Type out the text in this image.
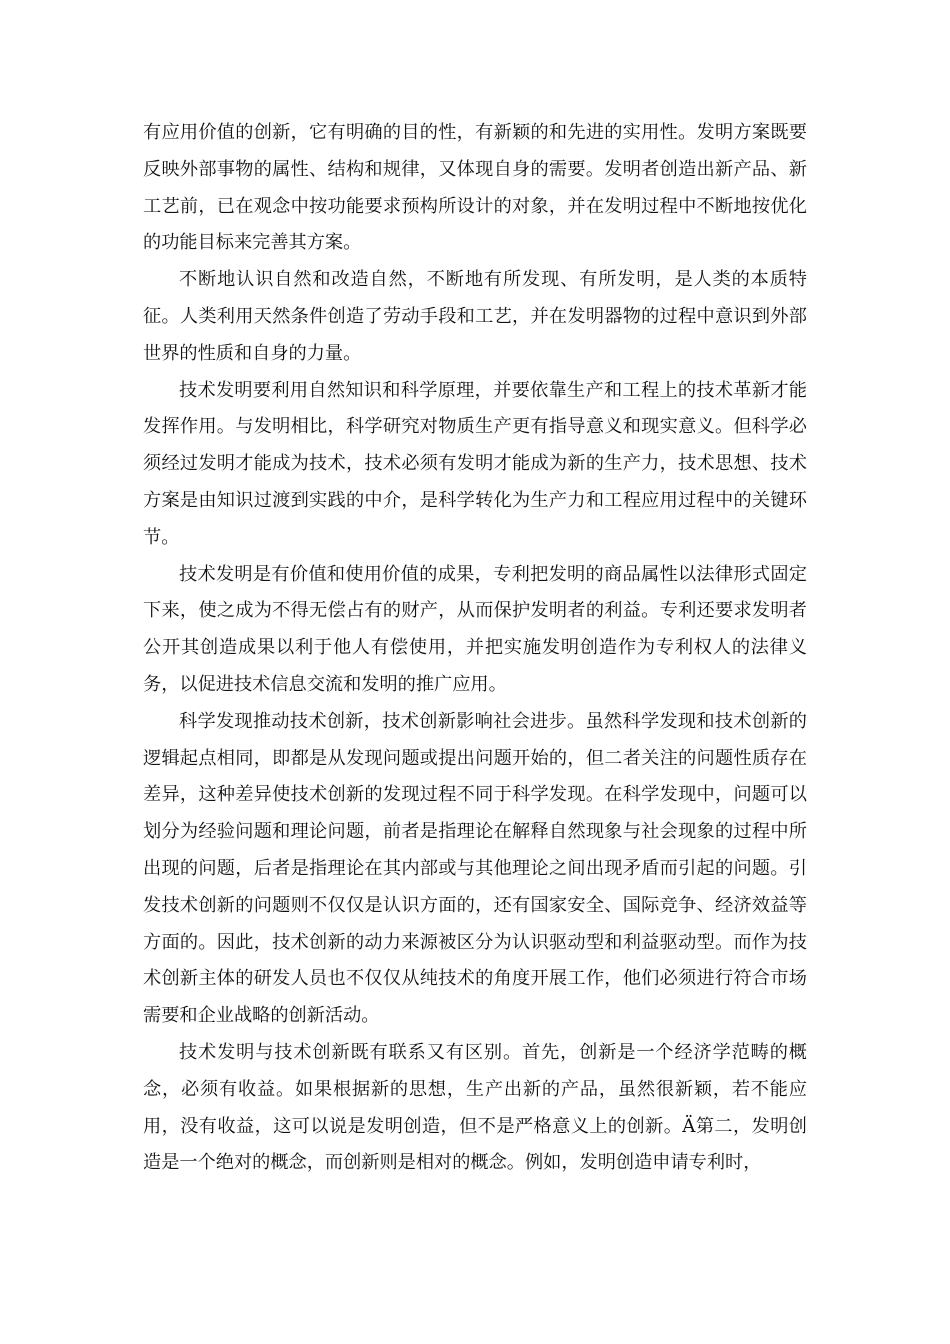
有应用价值的创新，它有明确的目的性，有新颖的和先进的实用性。发明方案既要反映外部事物的属性、结构和规律，又体现自身的需要。发明者创造出新产品、新工艺前，已在观念中按功能要求预构所设计的对象，并在发明过程中不断地按优化的功能目标来完善其方案。

不断地认识自然和改造自然，不断地有所发现、有所发明，是人类的本质特征。人类利用天然条件创造了劳动手段和工艺，并在发明器物的过程中意识到外部世界的性质和自身的力量。

技术发明要利用自然知识和科学原理，并要依靠生产和工程上的技术革新才能发挥作用。与发明相比，科学研究对物质生产更有指导意义和现实意义。但科学必须经过发明才能成为技术，技术必须有发明才能成为新的生产力，技术思想、技术方案是由知识过渡到实践的中介，是科学转化为生产力和工程应用过程中的关键环节。

技术发明是有价值和使用价值的成果，专利把发明的商品属性以法律形式固定下来，使之成为不得无偿占有的财产，从而保护发明者的利益。专利还要求发明者公开其创造成果以利于他人有偿使用，并把实施发明创造作为专利权人的法律义务，以促进技术信息交流和发明的推广应用。

科学发现推动技术创新，技术创新影响社会进步。虽然科学发现和技术创新的逻辑起点相同，即都是从发现问题或提出问题开始的，但二者关注的问题性质存在差异，这种差异使技术创新的发现过程不同于科学发现。在科学发现中，问题可以划分为经验问题和理论问题，前者是指理论在解释自然现象与社会现象的过程中所出现的问题，后者是指理论在其内部或与其他理论之间出现矛盾而引起的问题。引发技术创新的问题则不仅仅是认识方面的，还有国家安全、国际竞争、经济效益等方面的。因此，技术创新的动力来源被区分为认识驱动型和利益驱动型。而作为技术创新主体的研发人员也不仅仅从纯技术的角度开展工作，他们必须进行符合市场需要和企业战略的创新活动。

技术发明与技术创新既有联系又有区别。首先，创新是一个经济学范畴的概念，必须有收益。如果根据新的思想，生产出新的产品，虽然很新颖，若不能应用，没有收益，这可以说是发明创造，但不是严格意义上的创新。Ä第二，发明创造是一个绝对的概念，而创新则是相对的概念。例如，发明创造申请专利时，
